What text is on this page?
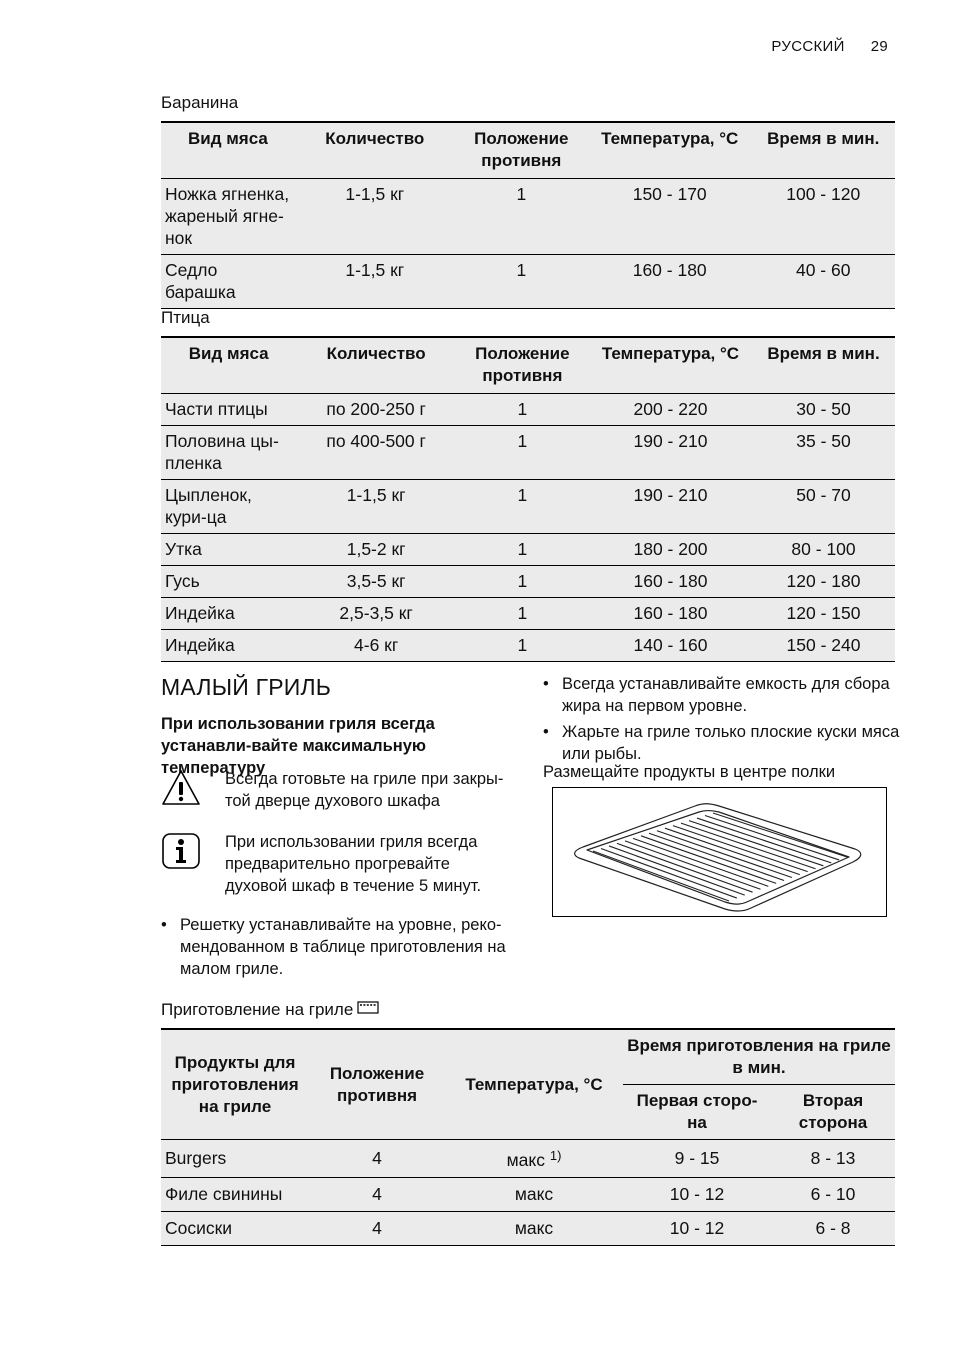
РУССКИЙ 29
Баранина
Вид мяса	Количество	Положение противня	Температура, °C	Время в мин.
Ножка ягненка, жареный ягне-нок	1-1,5 кг	1	150 - 170	100 - 120
Седло барашка	1-1,5 кг	1	160 - 180	40 - 60
Птица
Вид мяса	Количество	Положение противня	Температура, °C	Время в мин.
Части птицы	по 200-250 г	1	200 - 220	30 - 50
Половина цы-пленка	по 400-500 г	1	190 - 210	35 - 50
Цыпленок, кури-ца	1-1,5 кг	1	190 - 210	50 - 70
Утка	1,5-2 кг	1	180 - 200	80 - 100
Гусь	3,5-5 кг	1	160 - 180	120 - 180
Индейка	2,5-3,5 кг	1	160 - 180	120 - 150
Индейка	4-6 кг	1	140 - 160	150 - 240
МАЛЫЙ ГРИЛЬ
При использовании гриля всегда устанавли-вайте максимальную температуру
Всегда готовьте на гриле при закры-той дверце духового шкафа
При использовании гриля всегда предварительно прогревайте духовой шкаф в течение 5 минут.
• Решетку устанавливайте на уровне, реко-мендованном в таблице приготовления на малом гриле.
• Всегда устанавливайте емкость для сбора жира на первом уровне.
• Жарьте на гриле только плоские куски мяса или рыбы.
Размещайте продукты в центре полки
Приготовление на гриле
Продукты для приготовления на гриле	Положение противня	Температура, °C	Время приготовления на гриле в мин.	
			Первая сторо-на	Вторая сторона
Burgers	4	макс $^{1)}$	9 - 15	8 - 13
Филе свинины	4	макс	10 - 12	6 - 10
Сосиски	4	макс	10 - 12	6 - 8
